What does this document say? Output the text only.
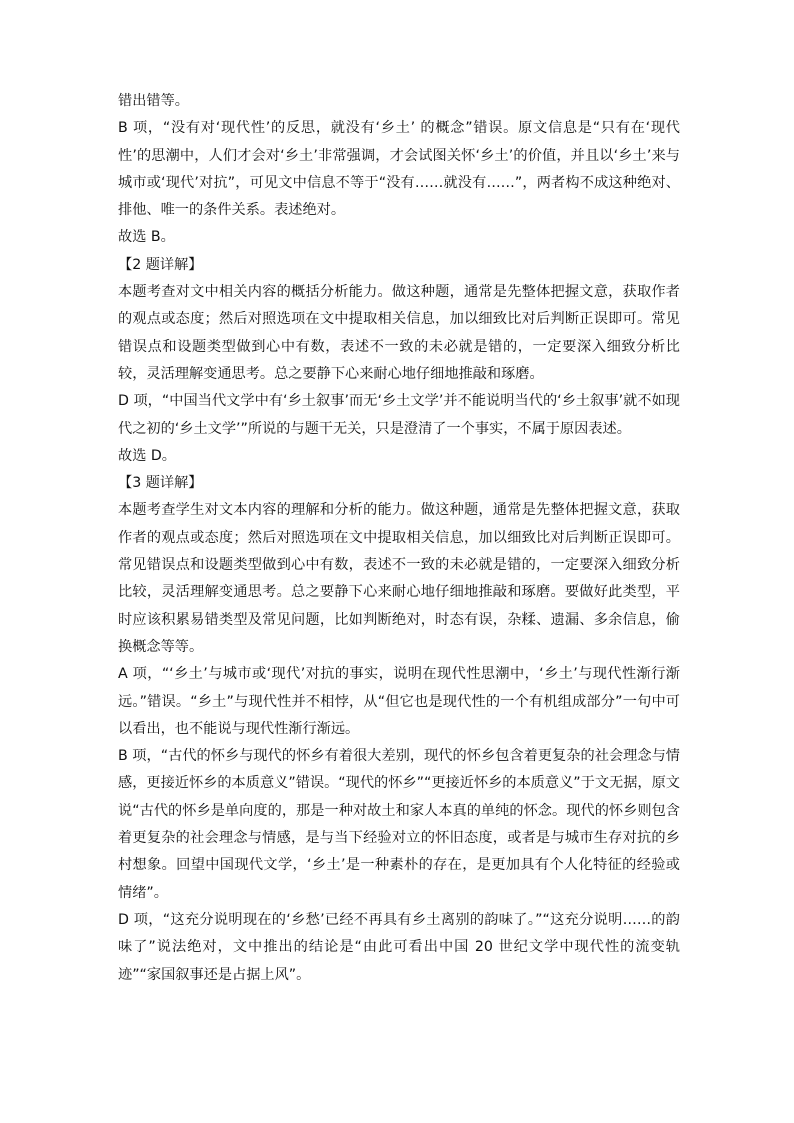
错出错等。

B 项，“没有对‘现代性’的反思，就没有‘乡土’ 的概念”错误。原文信息是“只有在‘现代性’的思潮中，人们才会对‘乡土’非常强调，才会试图关怀‘乡土’的价值，并且以‘乡土’来与城市或‘现代’对抗”，可见文中信息不等于“没有……就没有……”，两者构不成这种绝对、排他、唯一的条件关系。表述绝对。

故选 B。

【2 题详解】

本题考查对文中相关内容的概括分析能力。做这种题，通常是先整体把握文意，获取作者的观点或态度；然后对照选项在文中提取相关信息，加以细致比对后判断正误即可。常见错误点和设题类型做到心中有数，表述不一致的未必就是错的，一定要深入细致分析比较，灵活理解变通思考。总之要静下心来耐心地仔细地推敲和琢磨。

D 项，“中国当代文学中有‘乡土叙事’而无‘乡土文学’并不能说明当代的‘乡土叙事’就不如现代之初的‘乡土文学’”所说的与题干无关，只是澄清了一个事实，不属于原因表述。

故选 D。

【3 题详解】

本题考查学生对文本内容的理解和分析的能力。做这种题，通常是先整体把握文意，获取作者的观点或态度；然后对照选项在文中提取相关信息，加以细致比对后判断正误即可。常见错误点和设题类型做到心中有数，表述不一致的未必就是错的，一定要深入细致分析比较，灵活理解变通思考。总之要静下心来耐心地仔细地推敲和琢磨。要做好此类型，平时应该积累易错类型及常见问题，比如判断绝对，时态有误，杂糅、遗漏、多余信息，偷换概念等等。

A 项，“‘乡土’与城市或‘现代’对抗的事实，说明在现代性思潮中，‘乡土’与现代性渐行渐远。”错误。“乡土”与现代性并不相悖，从“但它也是现代性的一个有机组成部分”一句中可以看出，也不能说与现代性渐行渐远。

B 项，“古代的怀乡与现代的怀乡有着很大差别，现代的怀乡包含着更复杂的社会理念与情感，更接近怀乡的本质意义”错误。“现代的怀乡”“更接近怀乡的本质意义”于文无据，原文说“古代的怀乡是单向度的，那是一种对故土和家人本真的单纯的怀念。现代的怀乡则包含着更复杂的社会理念与情感，是与当下经验对立的怀旧态度，或者是与城市生存对抗的乡村想象。回望中国现代文学，‘乡土’是一种素朴的存在，是更加具有个人化特征的经验或情绪”。

D 项，“这充分说明现在的‘乡愁’已经不再具有乡土离别的韵味了。”“这充分说明……的韵味了”说法绝对，文中推出的结论是“由此可看出中国 20 世纪文学中现代性的流变轨迹”“家国叙事还是占据上风”。
